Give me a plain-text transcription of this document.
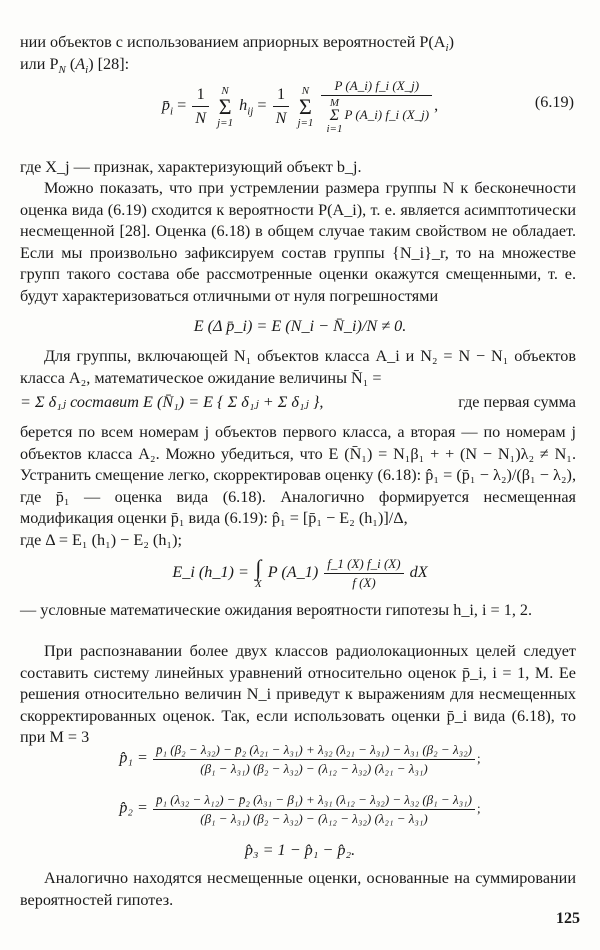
нии объектов с использованием априорных вероятностей $P(A_i)$
или $P_N$ $(A_i)$ [28]:

$p̄_i = \frac{1}{N}$ N
Σ
j=1 $h_{ij} = \frac{1}{N}$ N
Σ
j=1 P (A_i) f_i (X_j)
M
Σ
i=1P (A_i) f_i (X_j) ,	(6.19)

где X_j — признак, характеризующий объект b_j.

Можно показать, что при устремлении размера группы N к бесконечности оценка вида (6.19) сходится к вероятности P(A_i), т. е. является асимптотически несмещенной [28]. Оценка (6.18) в общем случае таким свойством не обладает. Если мы произвольно зафиксируем состав группы {N_i}_r, то на множестве групп такого состава обе рассмотренные оценки окажутся смещенными, т. е. будут характеризоваться отличными от нуля погрешностями

E (Δ p̄_i) = E (N_i − N̄_i)/N ≠ 0.

Для группы, включающей N₁ объектов класса A_i и N₂ = N − N₁ объектов класса A₂, математическое ожидание величины N̄₁ =

= Σ δ₁ⱼ составит E (N̄₁) = E { Σ δ₁ⱼ + Σ δ₁ⱼ },	где первая сумма

берется по всем номерам j объектов первого класса, а вторая — по номерам j объектов класса A₂. Можно убедиться, что E (N̄₁) = N₁β₁ + + (N − N₁)λ₂ ≠ N₁. Устранить смещение легко, скорректировав оценку (6.18): p̂₁ = (p̄₁ − λ₂)/(β₁ − λ₂), где p̄₁ — оценка вида (6.18). Аналогично формируется несмещенная модификация оценки p̄₁ вида (6.19): p̂₁ = [p̄₁ − E₂ (h₁)]/Δ,

где Δ = E₁ (h₁) − E₂ (h₁);

E_i (h_1) = ∫
X P (A_1) $\frac{f\_1 (X) f\_i (X)}{f (X)}$ dX

— условные математические ожидания вероятности гипотезы h_i, i = 1, 2.

При распознавании более двух классов радиолокационных целей следует составить систему линейных уравнений относительно оценок p̄_i, i = 1, M. Ее решения относительно величин N_i приведут к выражениям для несмещенных скорректированных оценок. Так, если использовать оценки p̄_i вида (6.18), то при M = 3

p̂₁ = p̄₁ (β₂ − λ₃₂) − p̄₂ (λ₂₁ − λ₃₁) + λ₃₂ (λ₂₁ − λ₃₁) − λ₃₁ (β₂ − λ₃₂)
(β₁ − λ₃₁) (β₂ − λ₃₂) − (λ₁₂ − λ₃₂) (λ₂₁ − λ₃₁)
;
p̂₂ = p̄₁ (λ₃₂ − λ₁₂) − p̄₂ (λ₃₁ − β₁) + λ₃₁ (λ₁₂ − λ₃₂) − λ₃₂ (β₁ − λ₃₁)
(β₁ − λ₃₁) (β₂ − λ₃₂) − (λ₁₂ − λ₃₂) (λ₂₁ − λ₃₁)
;
p̂₃ = 1 − p̂₁ − p̂₂.

Аналогично находятся несмещенные оценки, основанные на суммировании вероятностей гипотез.

125
